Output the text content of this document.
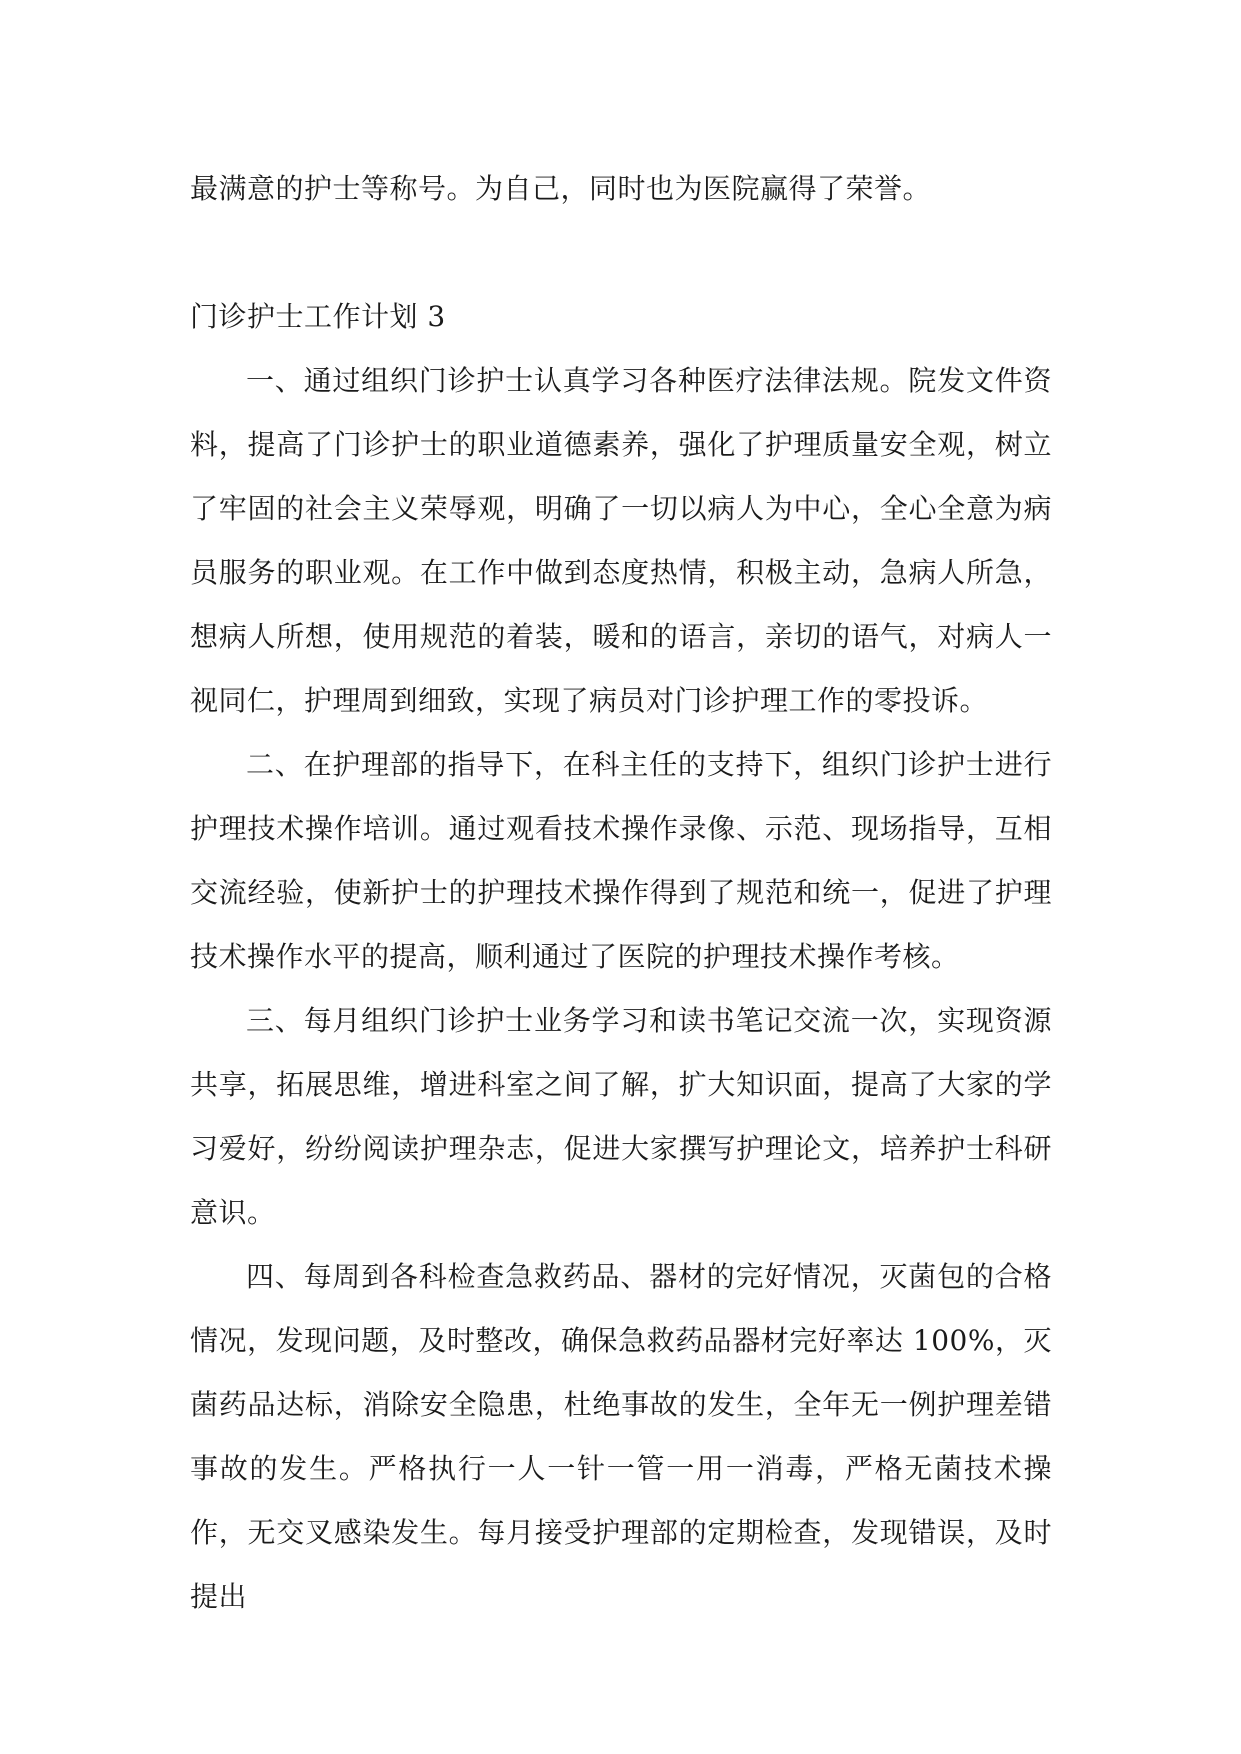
最满意的护士等称号。为自己，同时也为医院赢得了荣誉。

门诊护士工作计划 3

一、通过组织门诊护士认真学习各种医疗法律法规。院发文件资料，提高了门诊护士的职业道德素养，强化了护理质量安全观，树立了牢固的社会主义荣辱观，明确了一切以病人为中心，全心全意为病员服务的职业观。在工作中做到态度热情，积极主动，急病人所急，想病人所想，使用规范的着装，暖和的语言，亲切的语气，对病人一视同仁，护理周到细致，实现了病员对门诊护理工作的零投诉。

二、在护理部的指导下，在科主任的支持下，组织门诊护士进行护理技术操作培训。通过观看技术操作录像、示范、现场指导，互相交流经验，使新护士的护理技术操作得到了规范和统一，促进了护理技术操作水平的提高，顺利通过了医院的护理技术操作考核。

三、每月组织门诊护士业务学习和读书笔记交流一次，实现资源共享，拓展思维，增进科室之间了解，扩大知识面，提高了大家的学习爱好，纷纷阅读护理杂志，促进大家撰写护理论文，培养护士科研意识。

四、每周到各科检查急救药品、器材的完好情况，灭菌包的合格情况，发现问题，及时整改，确保急救药品器材完好率达 100%，灭菌药品达标，消除安全隐患，杜绝事故的发生，全年无一例护理差错事故的发生。严格执行一人一针一管一用一消毒，严格无菌技术操作，无交叉感染发生。每月接受护理部的定期检查，发现错误，及时提出
